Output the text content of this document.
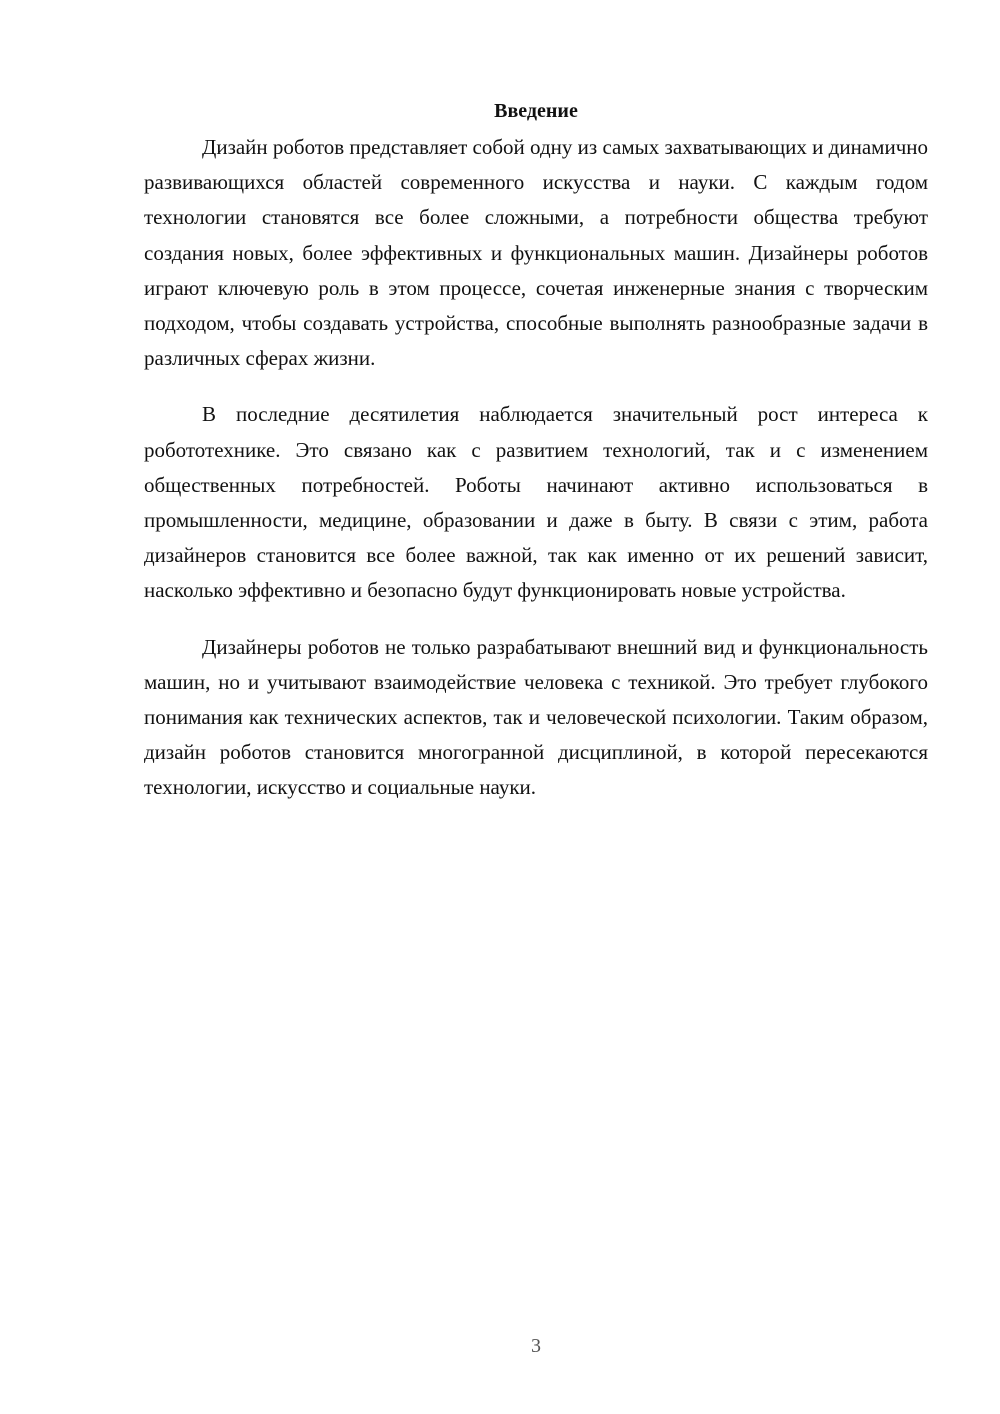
Введение

Дизайн роботов представляет собой одну из самых захватывающих и динамично развивающихся областей современного искусства и науки. С каждым годом технологии становятся все более сложными, а потребности общества требуют создания новых, более эффективных и функциональных машин. Дизайнеры роботов играют ключевую роль в этом процессе, сочетая инженерные знания с творческим подходом, чтобы создавать устройства, способные выполнять разнообразные задачи в различных сферах жизни.

В последние десятилетия наблюдается значительный рост интереса к робототехнике. Это связано как с развитием технологий, так и с изменением общественных потребностей. Роботы начинают активно использоваться в промышленности, медицине, образовании и даже в быту. В связи с этим, работа дизайнеров становится все более важной, так как именно от их решений зависит, насколько эффективно и безопасно будут функционировать новые устройства.

Дизайнеры роботов не только разрабатывают внешний вид и функциональность машин, но и учитывают взаимодействие человека с техникой. Это требует глубокого понимания как технических аспектов, так и человеческой психологии. Таким образом, дизайн роботов становится многогранной дисциплиной, в которой пересекаются технологии, искусство и социальные науки.

3
